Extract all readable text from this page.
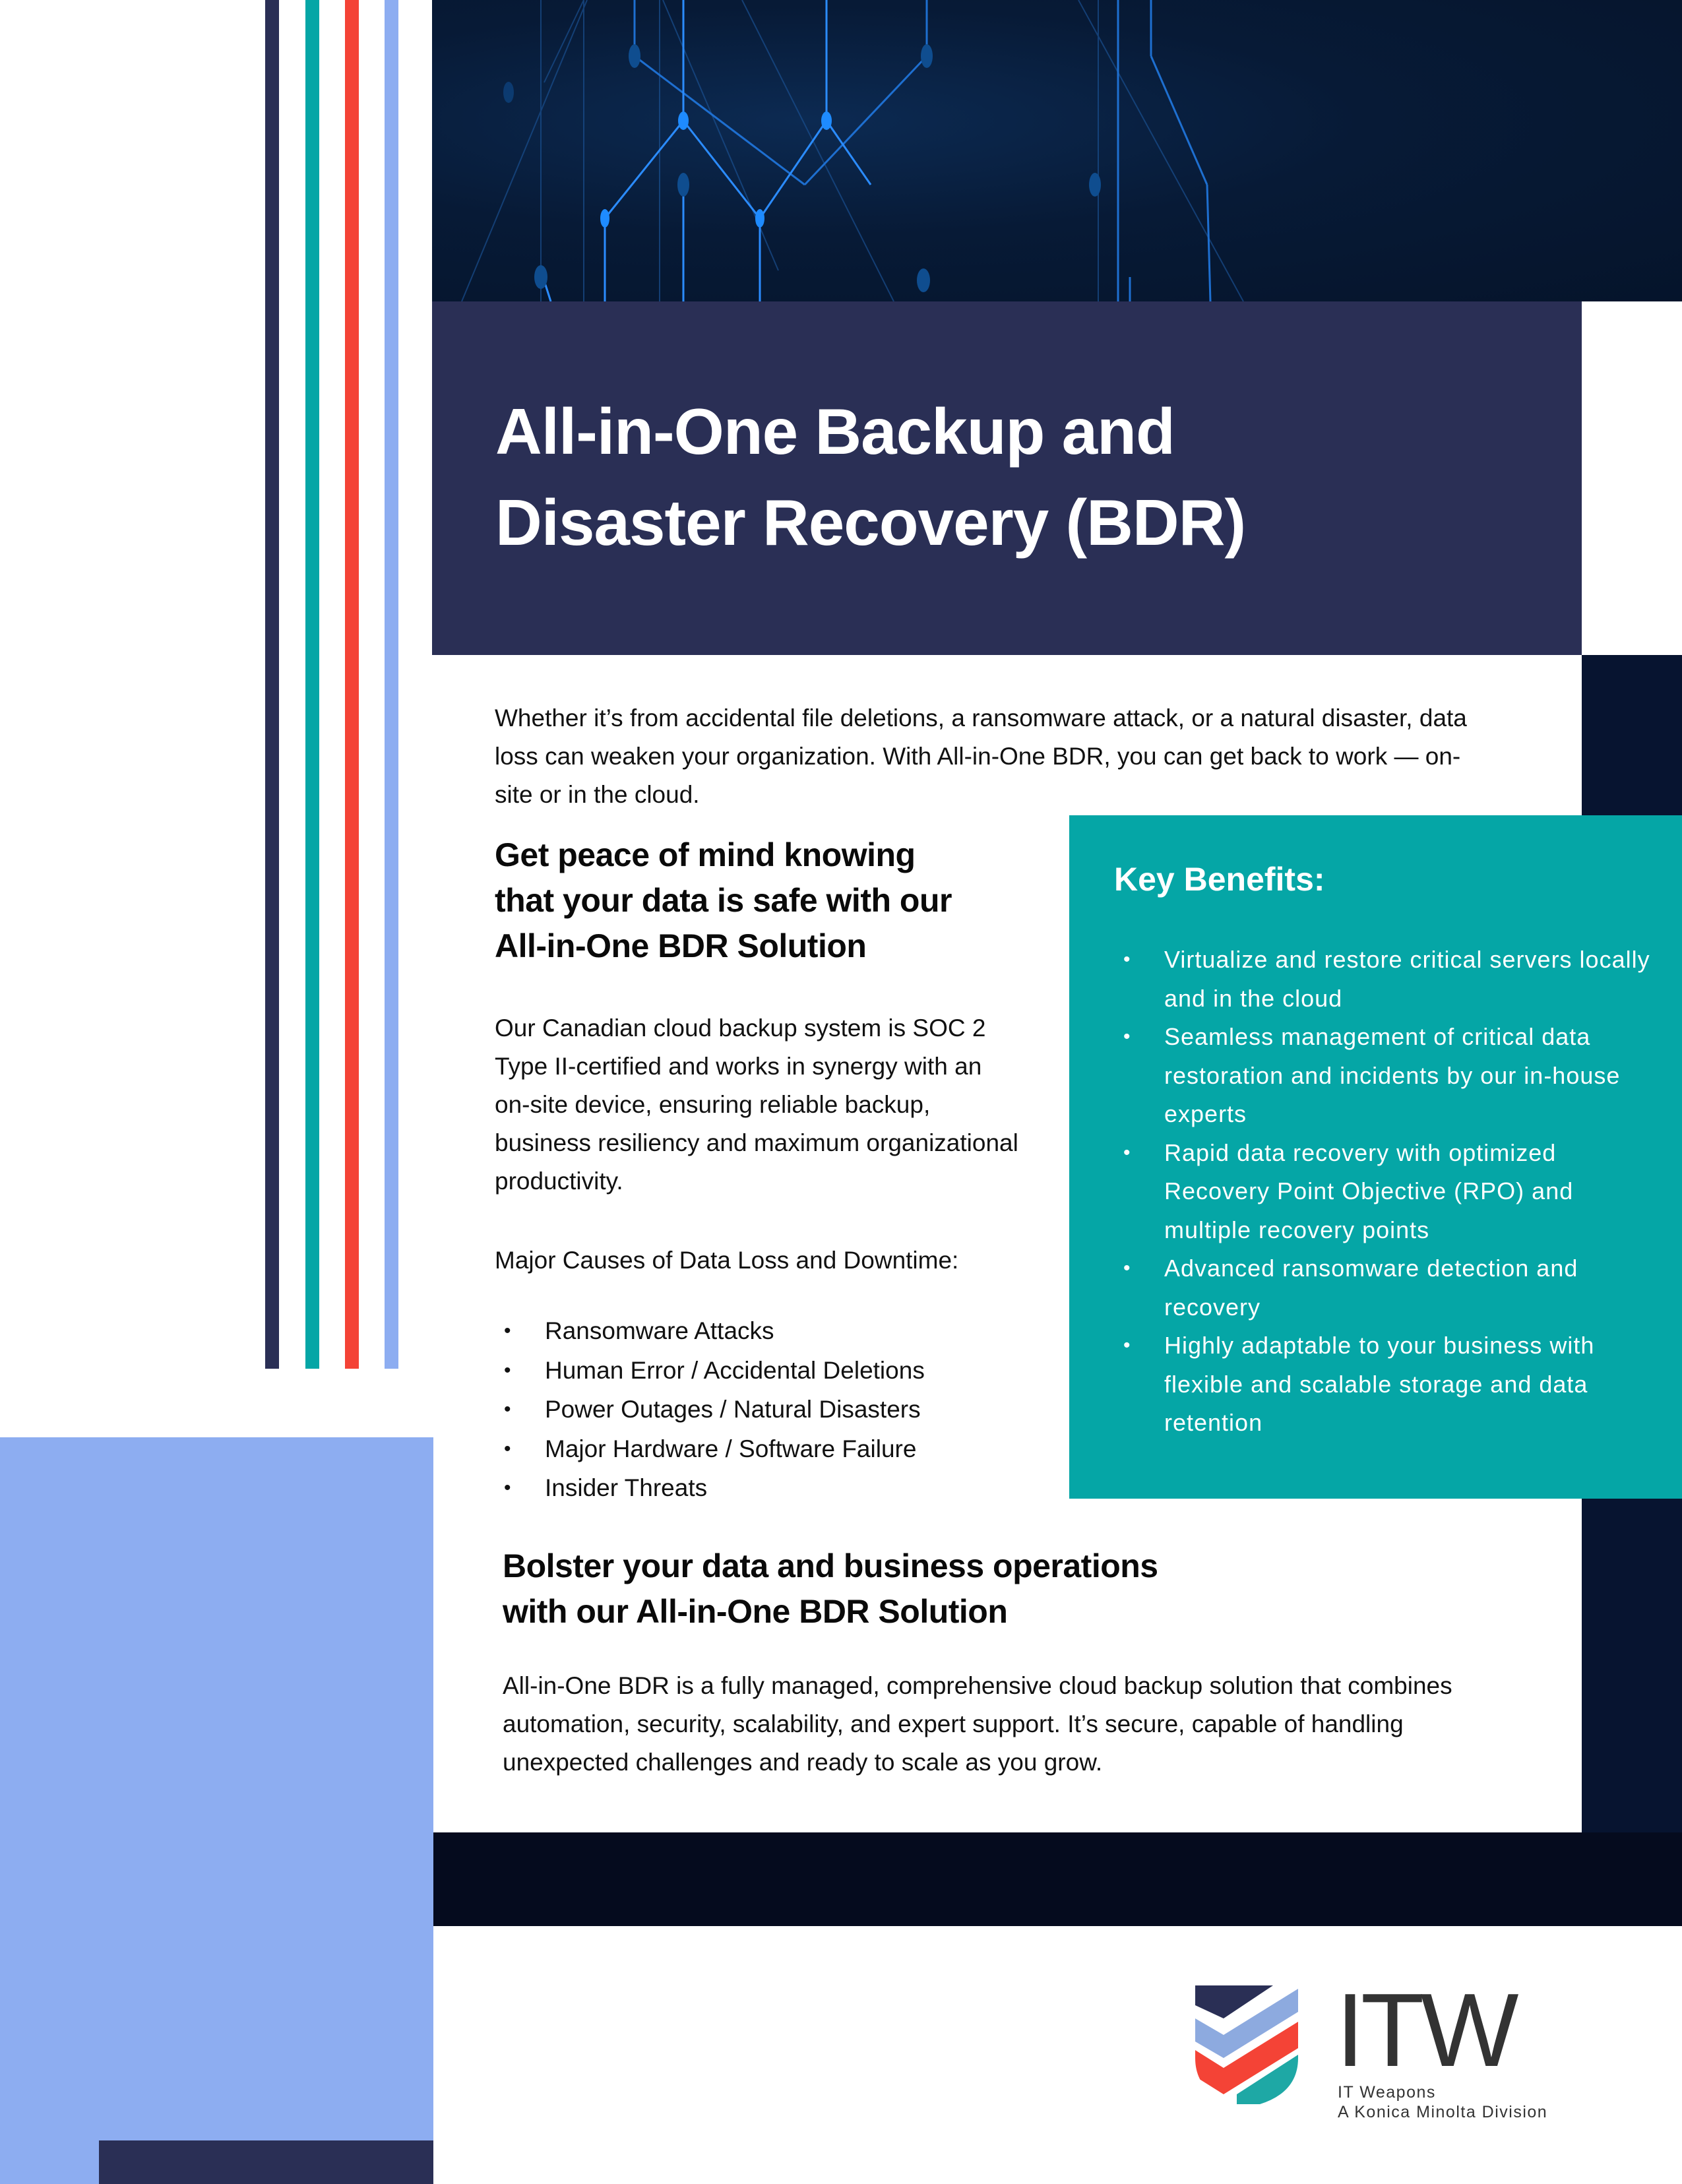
All-in-One Backup and
Disaster Recovery (BDR)

Whether it’s from accidental file deletions, a ransomware attack, or a natural disaster, data loss can weaken your organization. With All-in-One BDR, you can get back to work — on-site or in the cloud.

Get peace of mind knowing
that your data is safe with our
All-in-One BDR Solution

Our Canadian cloud backup system is SOC 2 Type II-certified and works in synergy with an on-site device, ensuring reliable backup, business resiliency and maximum organizational productivity.

Major Causes of Data Loss and Downtime:

• Ransomware Attacks
• Human Error / Accidental Deletions
• Power Outages / Natural Disasters
• Major Hardware / Software Failure
• Insider Threats
Key Benefits:
• Virtualize and restore critical servers locally and in the cloud
• Seamless management of critical data restoration and incidents by our in-house experts
• Rapid data recovery with optimized Recovery Point Objective (RPO) and multiple recovery points
• Advanced ransomware detection and recovery
• Highly adaptable to your business with flexible and scalable storage and data retention
Bolster your data and business operations
with our All-in-One BDR Solution

All-in-One BDR is a fully managed, comprehensive cloud backup solution that combines automation, security, scalability, and expert support. It’s secure, capable of handling unexpected challenges and ready to scale as you grow.

ITW
IT Weapons
A Konica Minolta Division
